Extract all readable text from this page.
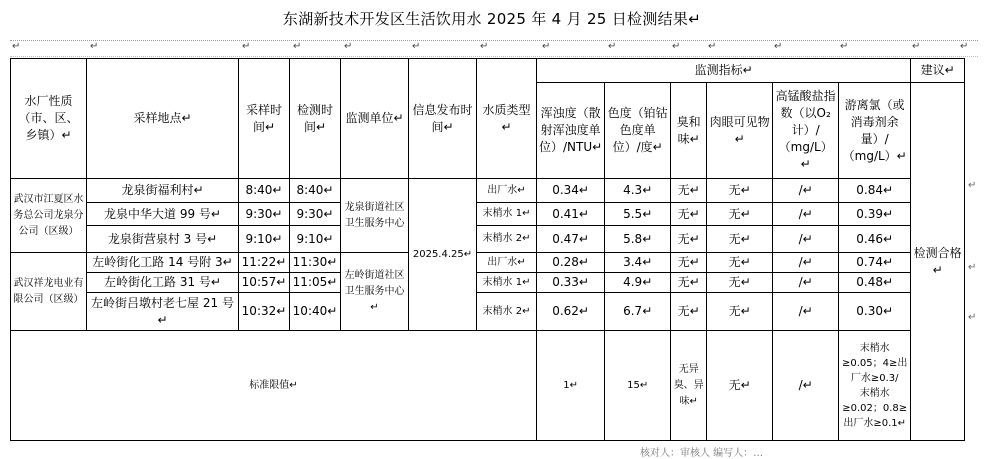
东湖新技术开发区生活饮用水 2025 年 4 月 25 日检测结果↵
↵	↵	↵	↵	↵	↵	↵	↵	↵	↵	↵	↵	↵	↵	↵
水厂性质（市、区、乡镇）↵	采样地点↵	采样时间↵	检测时间↵	监测单位↵	信息发布时间↵	水质类型↵	监测指标↵						建议↵
							浑浊度（散射浑浊度单位）/NTU↵	色度（铂钴色度单位）/度↵	臭和味↵	肉眼可见物↵	高锰酸盐指数（以O₂计）/（mg/L）↵	游离氯（或消毒剂余量）/（mg/L）↵	检测合格↵
武汉市江夏区水务总公司龙泉分公司（区级）	龙泉街福利村↵	8:40↵	8:40↵	龙泉街道社区卫生服务中心	2025.4.25↵	出厂水↵	0.34↵	4.3↵	无↵	无↵	/↵	0.84↵	
	龙泉中华大道 99 号↵	9:30↵	9:30↵			末梢水 1↵	0.41↵	5.5↵	无↵	无↵	/↵	0.39↵	
	龙泉街营泉村 3 号↵	9:10↵	9:10↵			末梢水 2↵	0.47↵	5.8↵	无↵	无↵	/↵	0.46↵	
武汉祥龙电业有限公司（区级）	左岭街化工路 14 号附 3↵	11:22↵	11:30↵	左岭街道社区卫生服务中心↵		出厂水↵	0.28↵	3.4↵	无↵	无↵	/↵	0.74↵	
	左岭街化工路 31 号↵	10:57↵	11:05↵			末梢水 1↵	0.33↵	4.9↵	无↵	无↵	/↵	0.48↵	
	左岭街吕墩村老七屋 21 号↵	10:32↵	10:40↵			末梢水 2↵	0.62↵	6.7↵	无↵	无↵	/↵	0.30↵	
标准限值↵							1↵	15↵	无异臭、异味↵	无↵	/↵	末梢水≥0.05；4≥出厂水≥0.3/
末梢水≥0.02；0.8≥出厂水≥0.1↵	
↵
↵
↵
核对人：审核人 编写人：…
